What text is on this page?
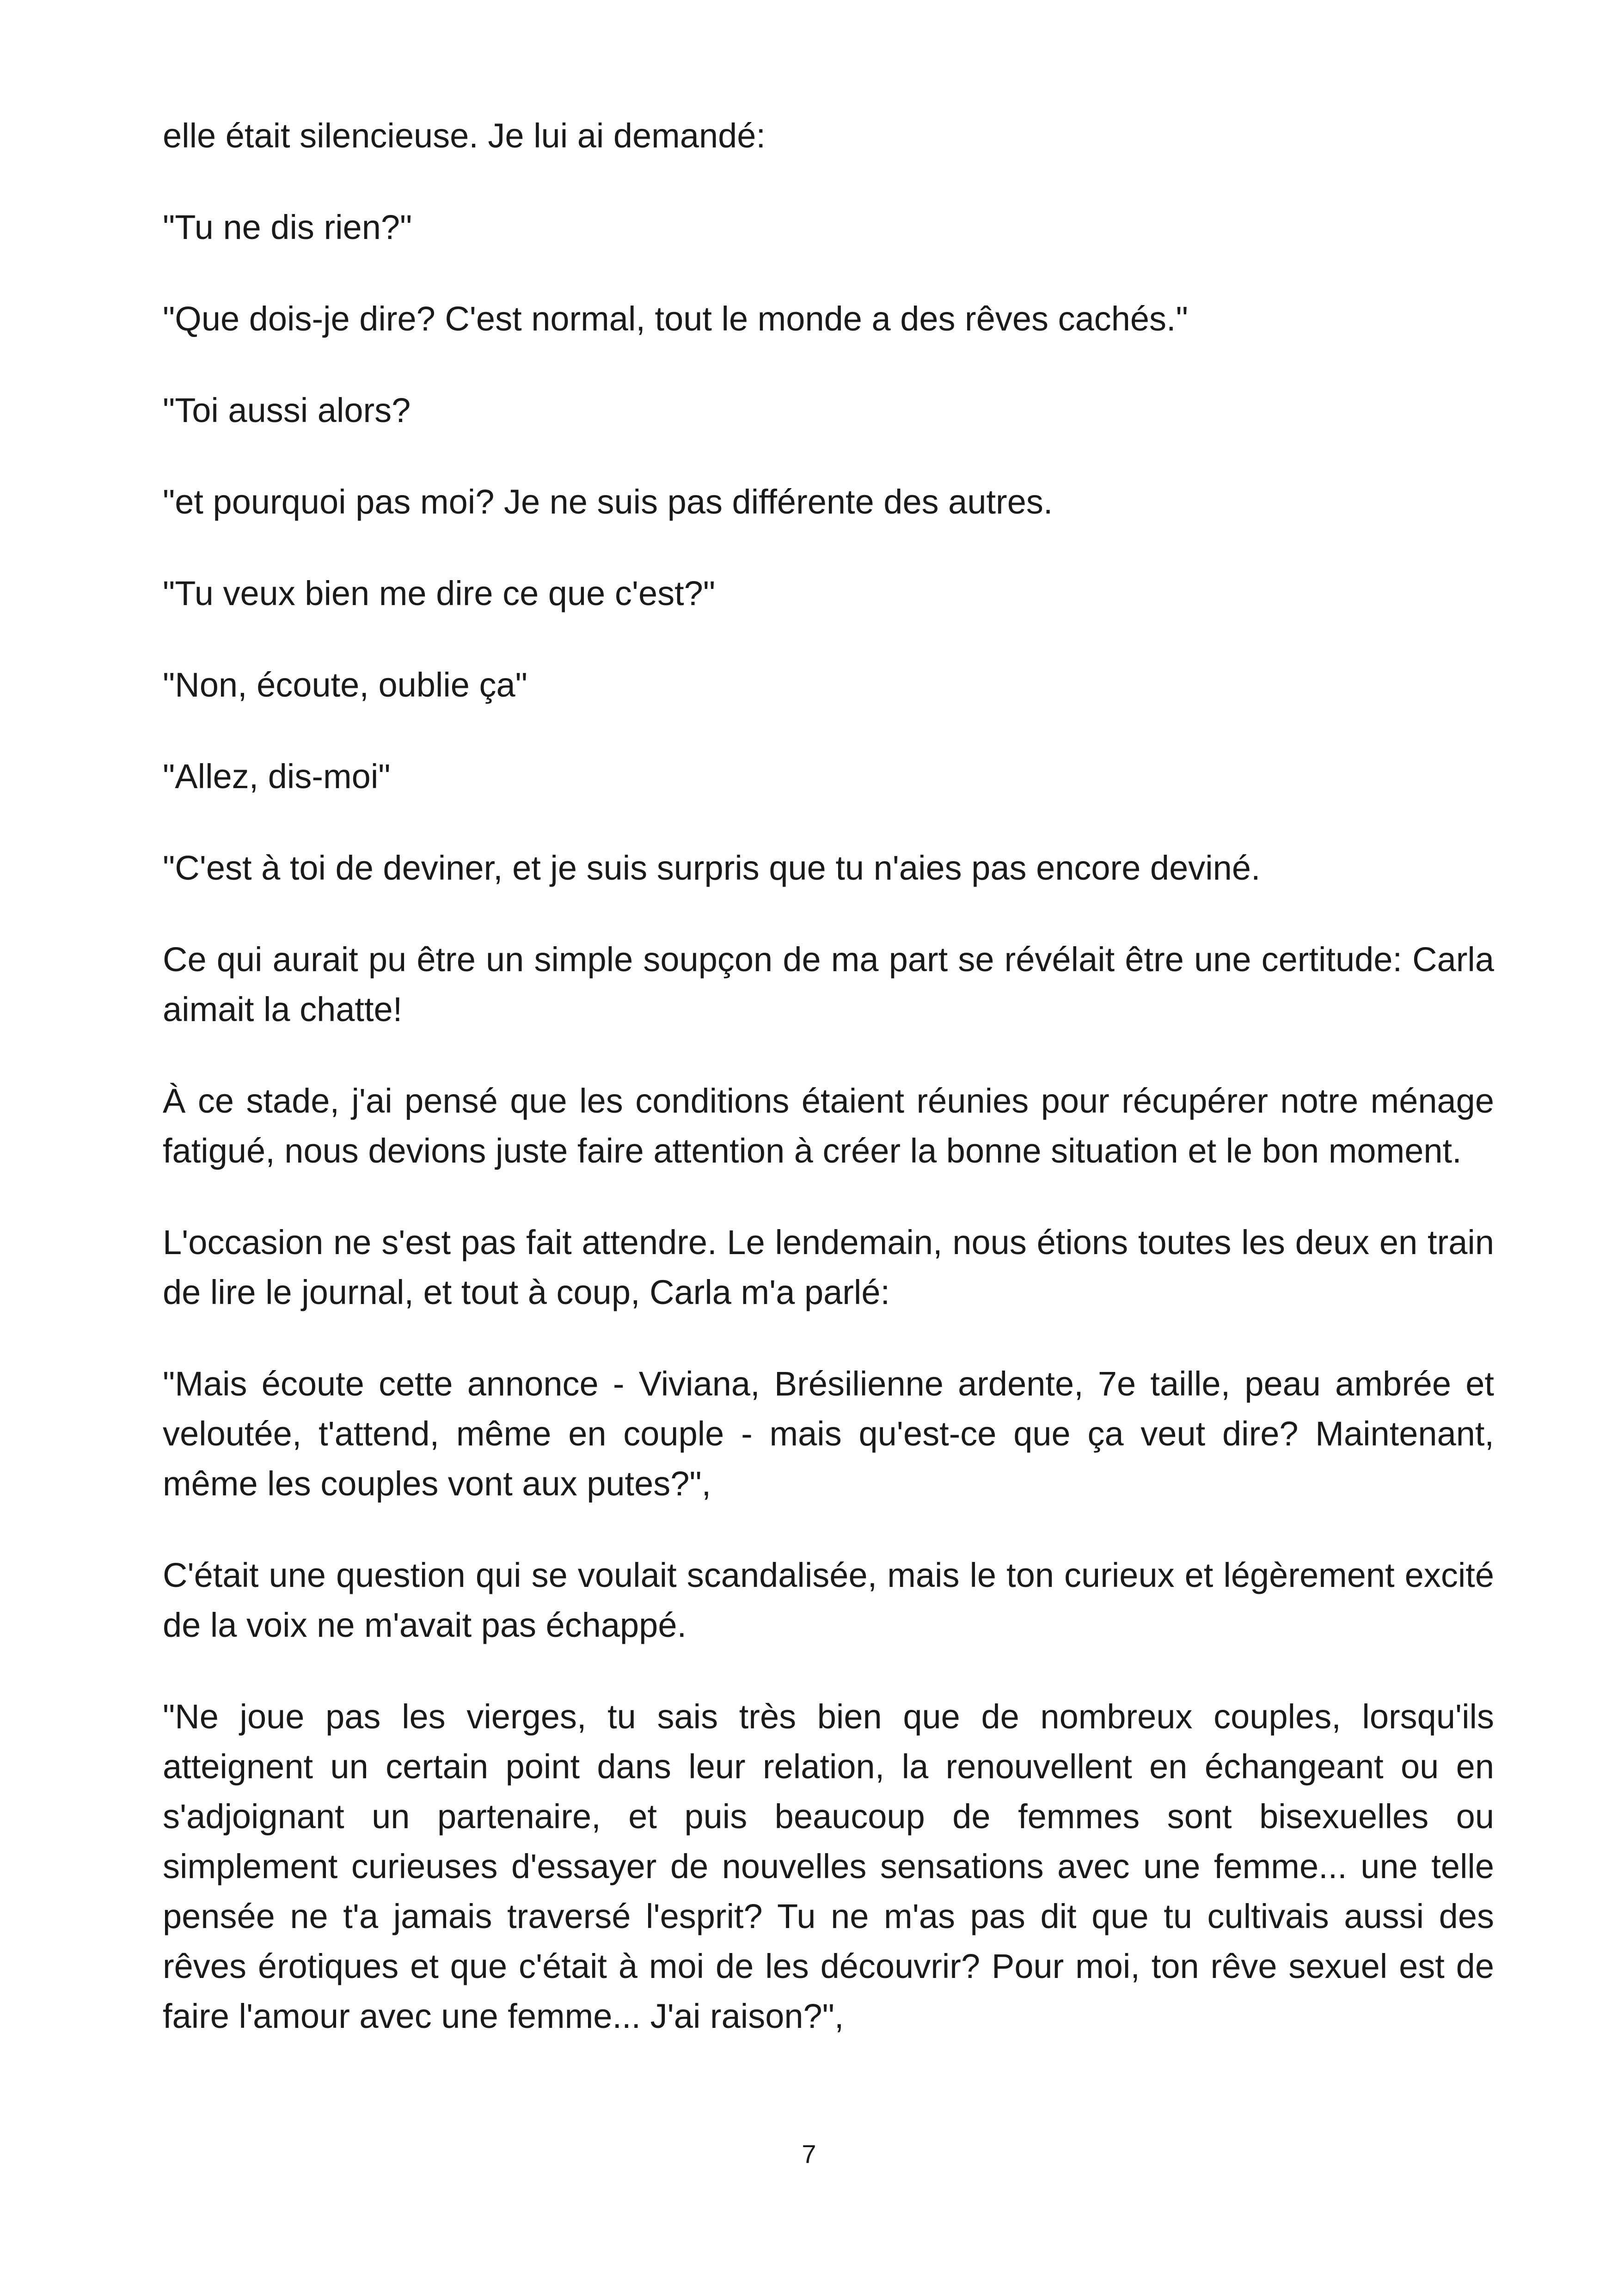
elle était silencieuse. Je lui ai demandé:

"Tu ne dis rien?"

"Que dois-je dire? C'est normal, tout le monde a des rêves cachés."

"Toi aussi alors?

"et pourquoi pas moi? Je ne suis pas différente des autres.

"Tu veux bien me dire ce que c'est?"

"Non, écoute, oublie ça"

"Allez, dis-moi"

"C'est à toi de deviner, et je suis surpris que tu n'aies pas encore deviné.

Ce qui aurait pu être un simple soupçon de ma part se révélait être une certitude: Carla aimait la chatte!

À ce stade, j'ai pensé que les conditions étaient réunies pour récupérer notre ménage fatigué, nous devions juste faire attention à créer la bonne situation et le bon moment.

L'occasion ne s'est pas fait attendre. Le lendemain, nous étions toutes les deux en train de lire le journal, et tout à coup, Carla m'a parlé:

"Mais écoute cette annonce - Viviana, Brésilienne ardente, 7e taille, peau ambrée et veloutée, t'attend, même en couple - mais qu'est-ce que ça veut dire? Maintenant, même les couples vont aux putes?",

C'était une question qui se voulait scandalisée, mais le ton curieux et légèrement excité de la voix ne m'avait pas échappé.

"Ne joue pas les vierges, tu sais très bien que de nombreux couples, lorsqu'ils atteignent un certain point dans leur relation, la renouvellent en échangeant ou en s'adjoignant un partenaire, et puis beaucoup de femmes sont bisexuelles ou simplement curieuses d'essayer de nouvelles sensations avec une femme... une telle pensée ne t'a jamais traversé l'esprit? Tu ne m'as pas dit que tu cultivais aussi des rêves érotiques et que c'était à moi de les découvrir? Pour moi, ton rêve sexuel est de faire l'amour avec une femme... J'ai raison?",

7
